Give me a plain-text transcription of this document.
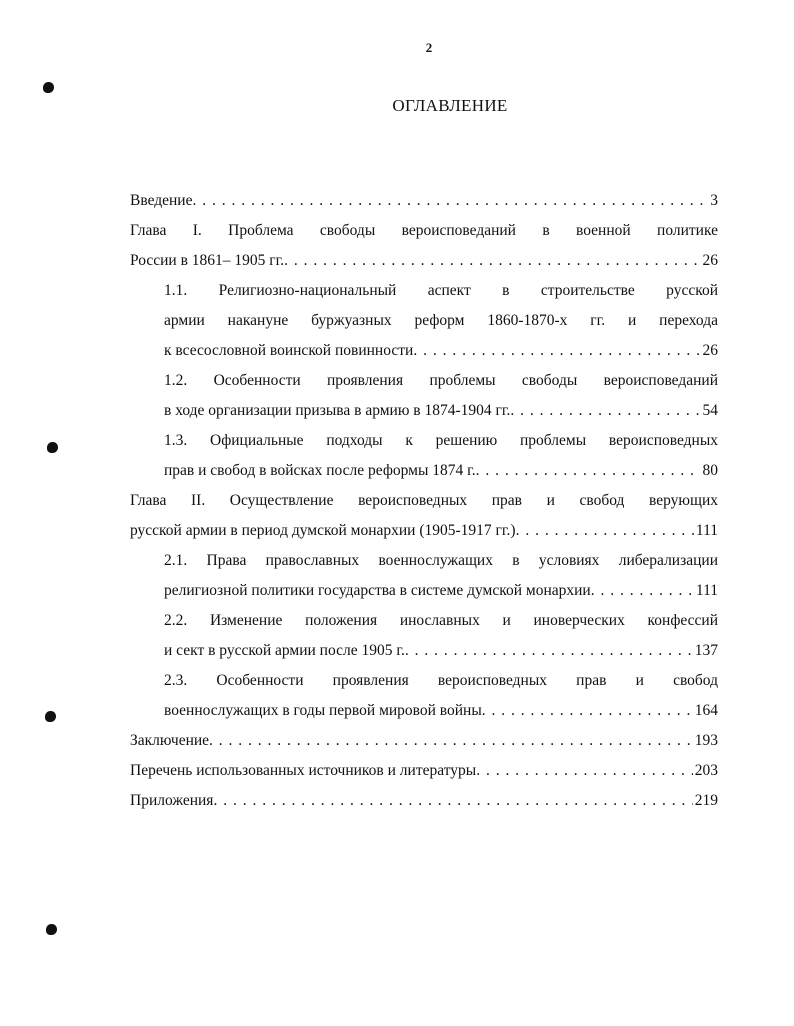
2
ОГЛАВЛЕНИЕ
Введение . . .	3
Глава I. Проблема свободы вероисповеданий в военной политике
России в 1861– 1905 гг. . . .	26
1.1. Религиозно-национальный аспект в строительстве русской
армии накануне буржуазных реформ 1860-1870-х гг. и перехода
к всесословной воинской повинности . . .	26
1.2. Особенности проявления проблемы свободы вероисповеданий
в ходе организации призыва в армию в 1874-1904 гг. . . .	54
1.3. Официальные подходы к решению проблемы вероисповедных
прав и свобод в войсках после реформы 1874 г. . . .	80
Глава II. Осуществление вероисповедных прав и свобод верующих
русской армии в период думской монархии (1905-1917 гг.) . . .	111
2.1. Права православных военнослужащих в условиях либерализации
религиозной политики государства в системе думской монархии . . .	111
2.2. Изменение положения инославных и иноверческих конфессий
и сект в русской армии после 1905 г. . . .	137
2.3. Особенности проявления вероисповедных прав и свобод
военнослужащих в годы первой мировой войны . . .	164
Заключение . . .	193
Перечень использованных источников и литературы . . .	203
Приложения . . .	219
